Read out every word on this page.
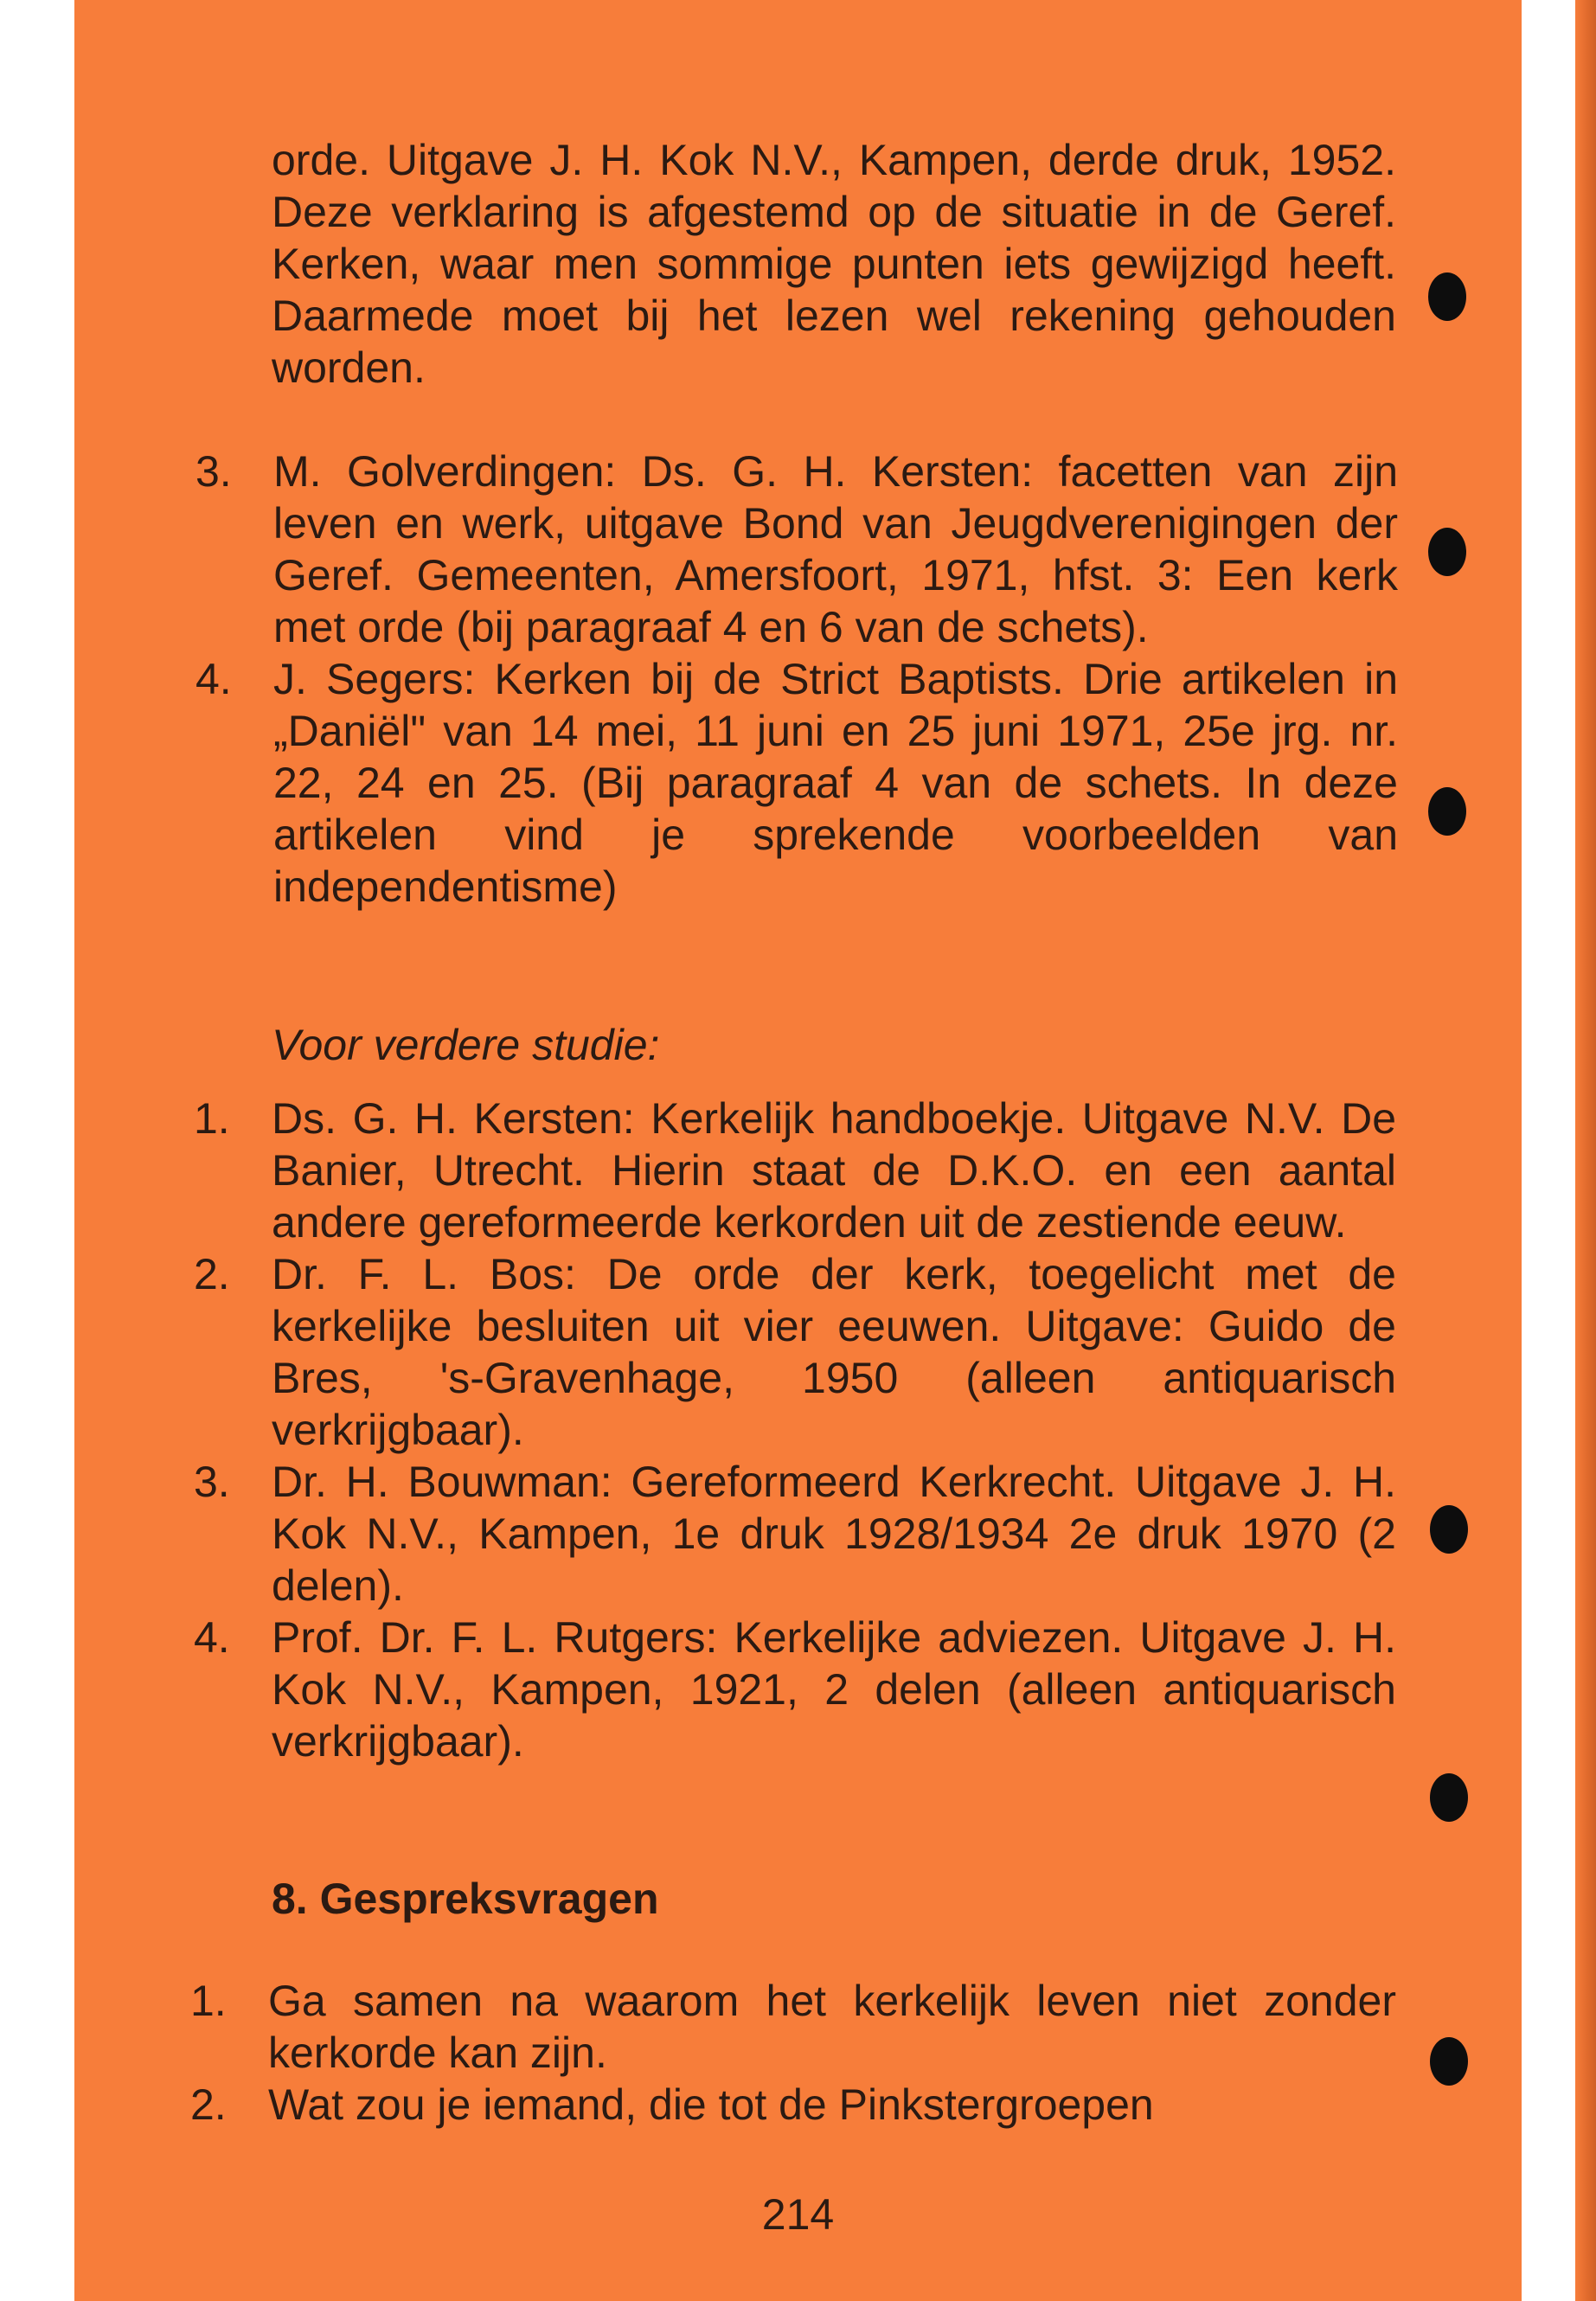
orde. Uitgave J. H. Kok N.V., Kampen, derde druk, 1952. Deze verklaring is afgestemd op de situatie in de Geref. Kerken, waar men sommige punten iets gewijzigd heeft. Daarmede moet bij het lezen wel rekening gehouden worden.
3. M. Golverdingen: Ds. G. H. Kersten: facetten van zijn leven en werk, uitgave Bond van Jeugdverenigingen der Geref. Gemeenten, Amersfoort, 1971, hfst. 3: Een kerk met orde (bij paragraaf 4 en 6 van de schets).
4. J. Segers: Kerken bij de Strict Baptists. Drie artikelen in „Daniël" van 14 mei, 11 juni en 25 juni 1971, 25e jrg. nr. 22, 24 en 25. (Bij paragraaf 4 van de schets. In deze artikelen vind je sprekende voorbeelden van independentisme)
Voor verdere studie:
1. Ds. G. H. Kersten: Kerkelijk handboekje. Uitgave N.V. De Banier, Utrecht. Hierin staat de D.K.O. en een aantal andere gereformeerde kerkorden uit de zestiende eeuw.
2. Dr. F. L. Bos: De orde der kerk, toegelicht met de kerkelijke besluiten uit vier eeuwen. Uitgave: Guido de Bres, 's-Gravenhage, 1950 (alleen antiquarisch verkrijgbaar).
3. Dr. H. Bouwman: Gereformeerd Kerkrecht. Uitgave J. H. Kok N.V., Kampen, 1e druk 1928/1934 2e druk 1970 (2 delen).
4. Prof. Dr. F. L. Rutgers: Kerkelijke adviezen. Uitgave J. H. Kok N.V., Kampen, 1921, 2 delen (alleen antiquarisch verkrijgbaar).
8. Gespreksvragen
1. Ga samen na waarom het kerkelijk leven niet zonder kerkorde kan zijn.
2. Wat zou je iemand, die tot de Pinkstergroepen
214
